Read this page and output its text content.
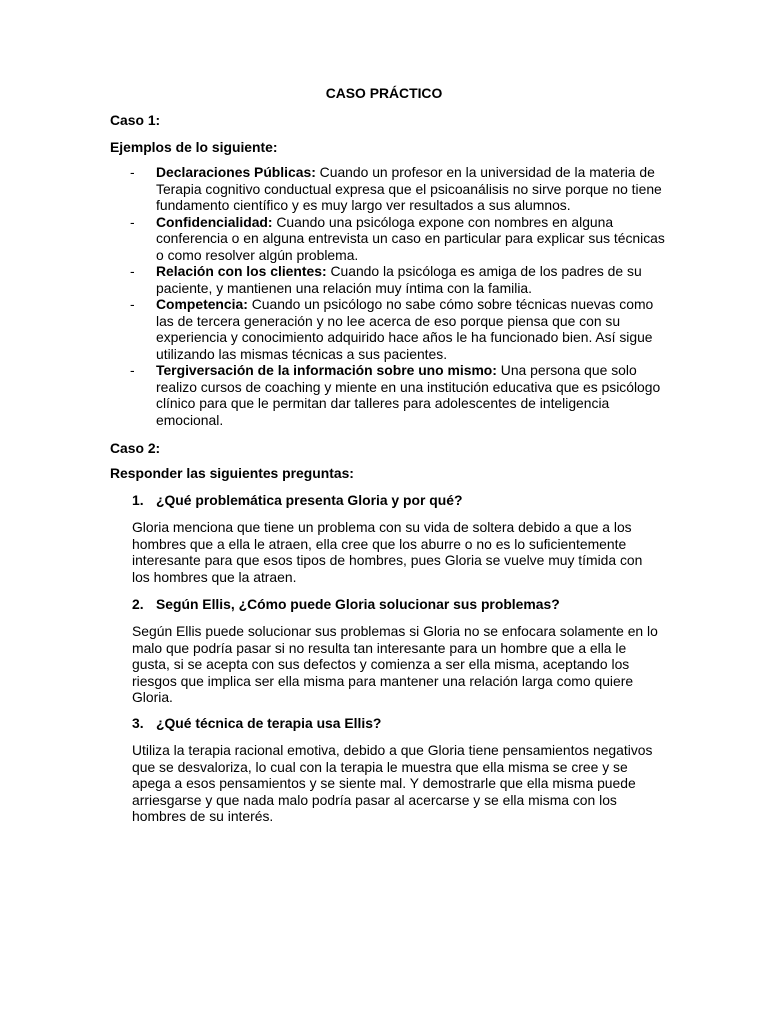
CASO PRÁCTICO

Caso 1:

Ejemplos de lo siguiente:

- Declaraciones Públicas: Cuando un profesor en la universidad de la materia de Terapia cognitivo conductual expresa que el psicoanálisis no sirve porque no tiene fundamento científico y es muy largo ver resultados a sus alumnos.
- Confidencialidad: Cuando una psicóloga expone con nombres en alguna conferencia o en alguna entrevista un caso en particular para explicar sus técnicas o como resolver algún problema.
- Relación con los clientes: Cuando la psicóloga es amiga de los padres de su paciente, y mantienen una relación muy íntima con la familia.
- Competencia: Cuando un psicólogo no sabe cómo sobre técnicas nuevas como las de tercera generación y no lee acerca de eso porque piensa que con su experiencia y conocimiento adquirido hace años le ha funcionado bien. Así sigue utilizando las mismas técnicas a sus pacientes.
- Tergiversación de la información sobre uno mismo: Una persona que solo realizo cursos de coaching y miente en una institución educativa que es psicólogo clínico para que le permitan dar talleres para adolescentes de inteligencia emocional.

Caso 2:

Responder las siguientes preguntas:

1. ¿Qué problemática presenta Gloria y por qué?

Gloria menciona que tiene un problema con su vida de soltera debido a que a los hombres que a ella le atraen, ella cree que los aburre o no es lo suficientemente interesante para que esos tipos de hombres, pues Gloria se vuelve muy tímida con los hombres que la atraen.

2. Según Ellis, ¿Cómo puede Gloria solucionar sus problemas?

Según Ellis puede solucionar sus problemas si Gloria no se enfocara solamente en lo malo que podría pasar si no resulta tan interesante para un hombre que a ella le gusta, si se acepta con sus defectos y comienza a ser ella misma, aceptando los riesgos que implica ser ella misma para mantener una relación larga como quiere Gloria.

3. ¿Qué técnica de terapia usa Ellis?

Utiliza la terapia racional emotiva, debido a que Gloria tiene pensamientos negativos que se desvaloriza, lo cual con la terapia le muestra que ella misma se cree y se apega a esos pensamientos y se siente mal. Y demostrarle que ella misma puede arriesgarse y que nada malo podría pasar al acercarse y se ella misma con los hombres de su interés.
